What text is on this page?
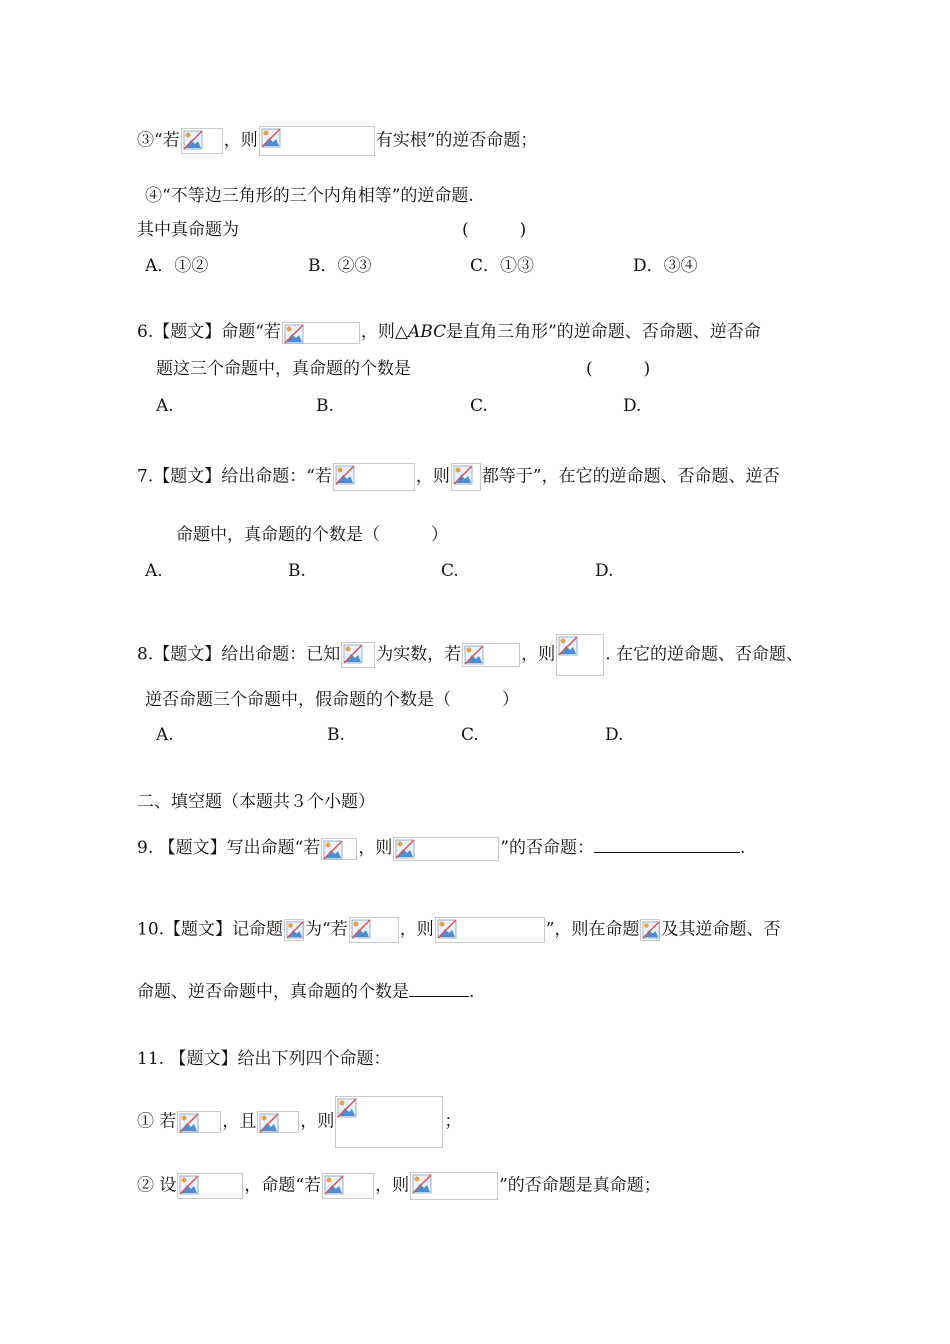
③“若	，则	有实根”的逆否命题；
④“不等边三角形的三个内角相等”的逆命题.
其中真命题为	(　　　)
A．①②	B．②③	C．①③	D．③④
6.【题文】命题“若	，则△ABC是直角三角形”的逆命题、否命题、逆否命
题这三个命题中，真命题的个数是	(　　　)
A.	B.	C.	D.
7.【题文】给出命题：“若	，则 都等于”，在它的逆命题、否命题、逆否
命题中，真命题的个数是（　　　）
A.	B.	C.	D.
8.【题文】给出命题：已知 为实数，若	，则	. 在它的逆命题、否命题、
逆否命题三个命题中，假命题的个数是（　　　）
A.	B.	C.	D.
二、填空题（本题共３个小题）
9. 【题文】写出命题“若 ，则	”的否命题：	.
10.【题文】记命题 为“若	，则	”，则在命题 及其逆命题、否
命题、逆否命题中，真命题的个数是	.
11. 【题文】给出下列四个命题：
① 若	，且	，则	；
② 设	，命题“若	，则	”的否命题是真命题；
